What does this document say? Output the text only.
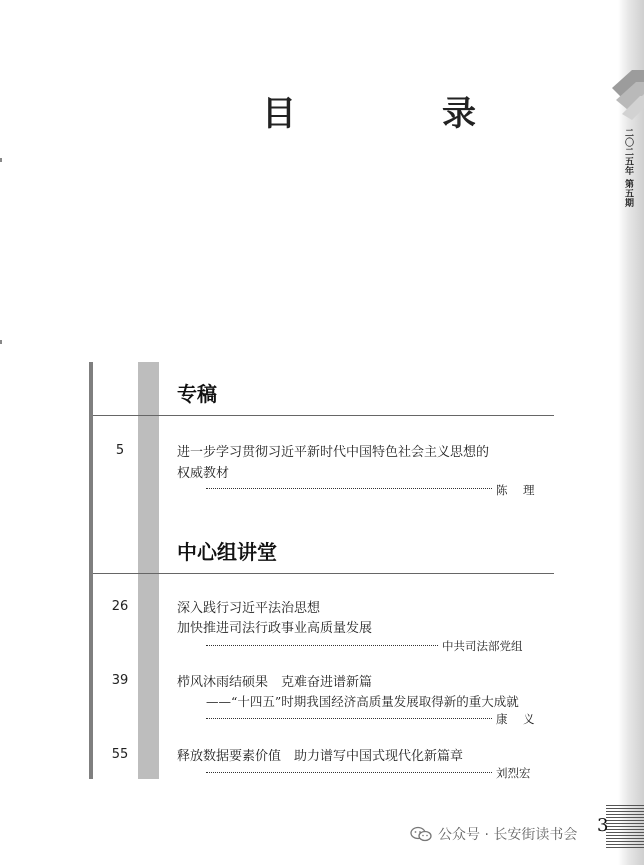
二〇二五年 第五期
3
公众号 · 长安街读书会
目　录
专稿
5	进一步学习贯彻习近平新时代中国特色社会主义思想的
权威教材
陈　理
中心组讲堂
26	深入践行习近平法治思想
加快推进司法行政事业高质量发展
中共司法部党组
39	栉风沐雨结硕果　克难奋进谱新篇
——“十四五”时期我国经济高质量发展取得新的重大成就
康　义
55	释放数据要素价值　助力谱写中国式现代化新篇章
刘烈宏
